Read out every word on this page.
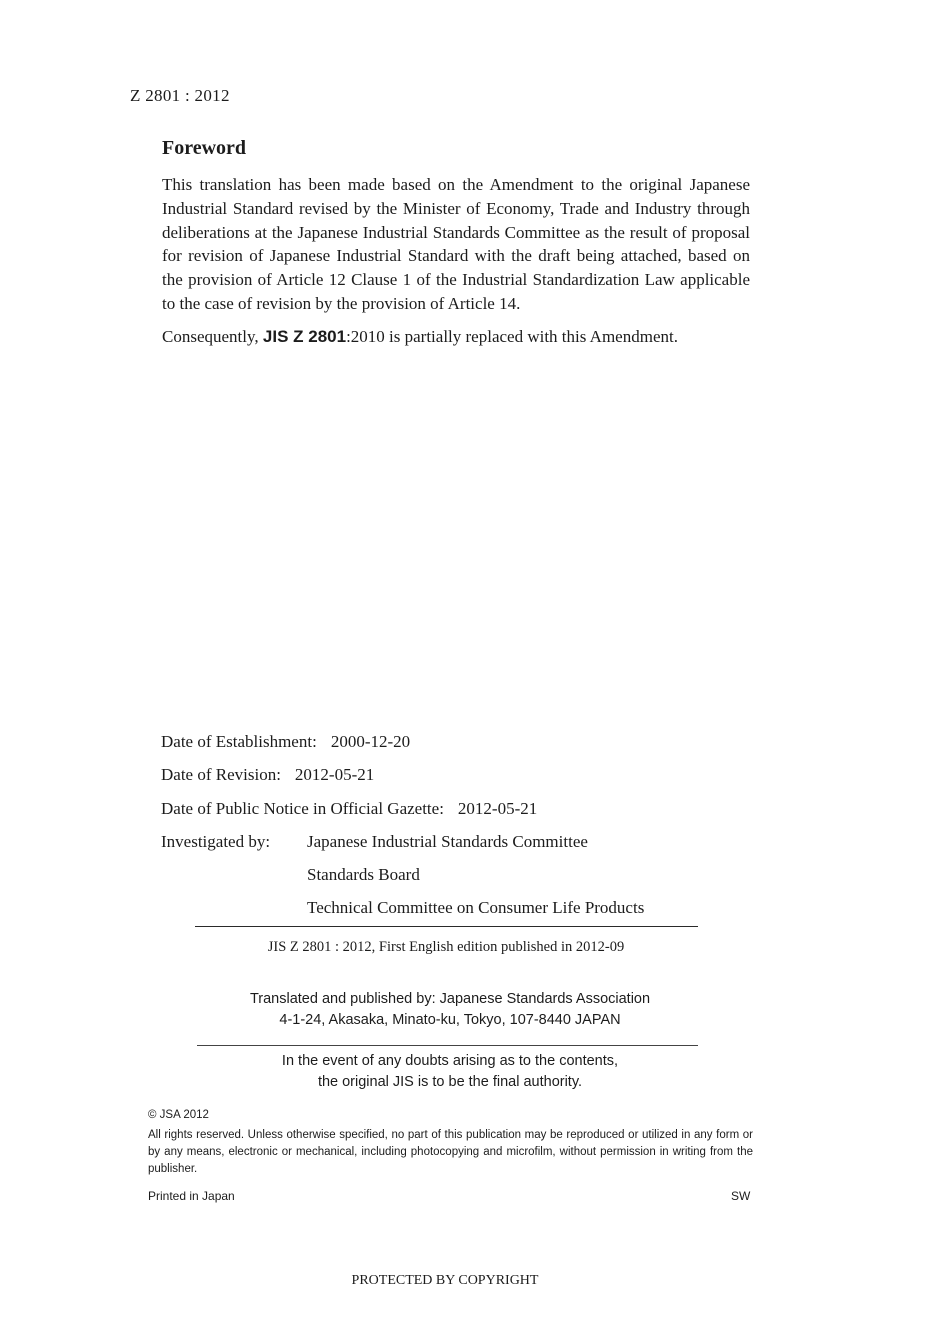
Z 2801 : 2012
Foreword

This translation has been made based on the Amendment to the original Japanese Industrial Standard revised by the Minister of Economy, Trade and Industry through deliberations at the Japanese Industrial Standards Committee as the result of proposal for revision of Japanese Industrial Standard with the draft being attached, based on the provision of Article 12 Clause 1 of the Industrial Standardization Law applicable to the case of revision by the provision of Article 14.

Consequently, JIS Z 2801:2010 is partially replaced with this Amendment.

Date of Establishment: 2000-12-20
Date of Revision: 2012-05-21
Date of Public Notice in Official Gazette: 2012-05-21
Investigated by: Japanese Industrial Standards Committee
Standards Board
Technical Committee on Consumer Life Products
JIS Z 2801 : 2012, First English edition published in 2012-09
Translated and published by: Japanese Standards Association
4-1-24, Akasaka, Minato-ku, Tokyo, 107-8440 JAPAN
In the event of any doubts arising as to the contents,
the original JIS is to be the final authority.
© JSA 2012
All rights reserved. Unless otherwise specified, no part of this publication may be reproduced or utilized in any form or by any means, electronic or mechanical, including photocopying and microfilm, without permission in writing from the publisher.
Printed in Japan	SW
PROTECTED BY COPYRIGHT
